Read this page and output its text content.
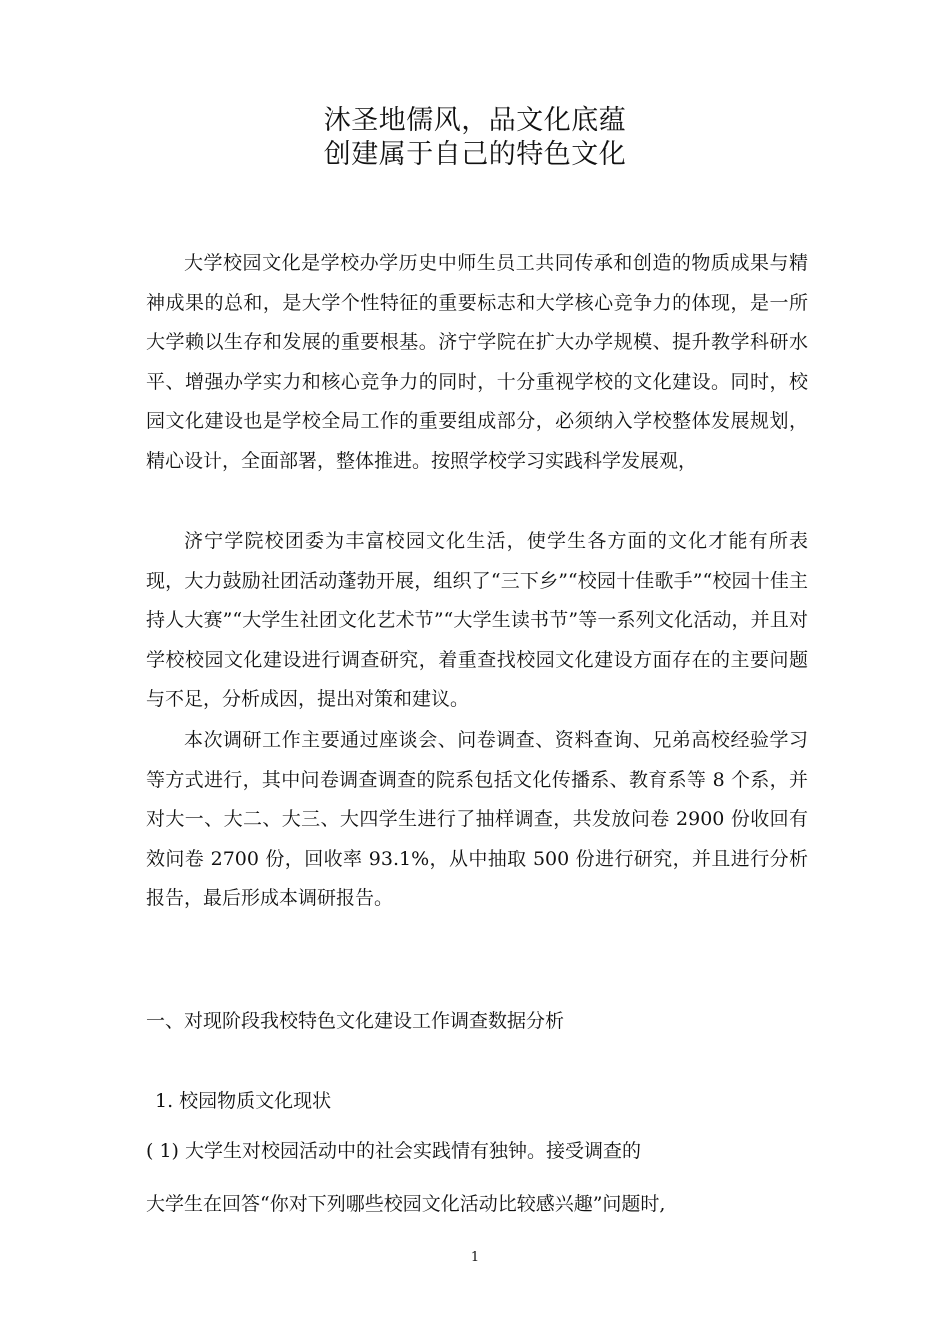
沐圣地儒风，品文化底蕴
创建属于自己的特色文化

大学校园文化是学校办学历史中师生员工共同传承和创造的物质成果与精神成果的总和，是大学个性特征的重要标志和大学核心竞争力的体现，是一所大学赖以生存和发展的重要根基。济宁学院在扩大办学规模、提升教学科研水平、增强办学实力和核心竞争力的同时，十分重视学校的文化建设。同时，校园文化建设也是学校全局工作的重要组成部分，必须纳入学校整体发展规划，精心设计，全面部署，整体推进。按照学校学习实践科学发展观，

济宁学院校团委为丰富校园文化生活，使学生各方面的文化才能有所表现，大力鼓励社团活动蓬勃开展，组织了“三下乡”“校园十佳歌手”“校园十佳主持人大赛”“大学生社团文化艺术节”“大学生读书节”等一系列文化活动，并且对学校校园文化建设进行调查研究，着重查找校园文化建设方面存在的主要问题与不足，分析成因，提出对策和建议。

本次调研工作主要通过座谈会、问卷调查、资料查询、兄弟高校经验学习等方式进行，其中问卷调查调查的院系包括文化传播系、教育系等 8 个系，并对大一、大二、大三、大四学生进行了抽样调查，共发放问卷 2900 份收回有效问卷 2700 份，回收率 93.1%，从中抽取 500 份进行研究，并且进行分析报告，最后形成本调研报告。

一、对现阶段我校特色文化建设工作调查数据分析
1. 校园物质文化现状
( 1) 大学生对校园活动中的社会实践情有独钟。接受调查的
大学生在回答“你对下列哪些校园文化活动比较感兴趣”问题时,
1
